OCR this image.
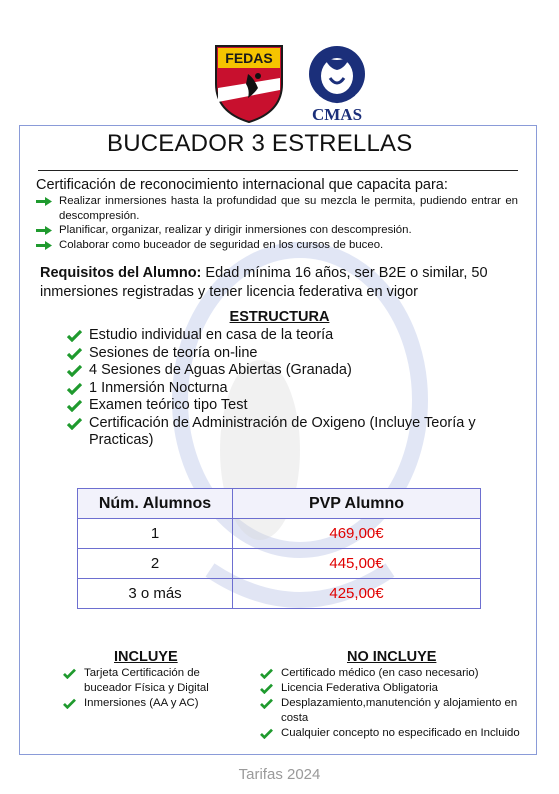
FEDAS
CMAS
BUCEADOR 3 ESTRELLAS
Certificación de reconocimiento internacional que capacita para:
Realizar inmersiones hasta la profundidad que su mezcla le permita, pudiendo entrar en descompresión.
Planificar, organizar, realizar y dirigir inmersiones con descompresión.
Colaborar como buceador de seguridad en los cursos de buceo.
Requisitos del Alumno: Edad mínima 16 años, ser B2E o similar, 50 inmersiones registradas y tener licencia federativa en vigor
ESTRUCTURA
Estudio individual en casa de la teoría
Sesiones de teoría on-line
4 Sesiones de Aguas Abiertas (Granada)
1 Inmersión Nocturna
Examen teórico tipo Test
Certificación de Administración de Oxigeno (Incluye Teoría y Practicas)
Núm. Alumnos	PVP Alumno
1	469,00€
2	445,00€
3 o más	425,00€
INCLUYE
Tarjeta Certificación de buceador Física y Digital
Inmersiones (AA y AC)
NO INCLUYE
Certificado médico (en caso necesario)
Licencia Federativa Obligatoria
Desplazamiento,manutención y alojamiento en costa
Cualquier concepto no especificado en Incluido
Tarifas 2024
